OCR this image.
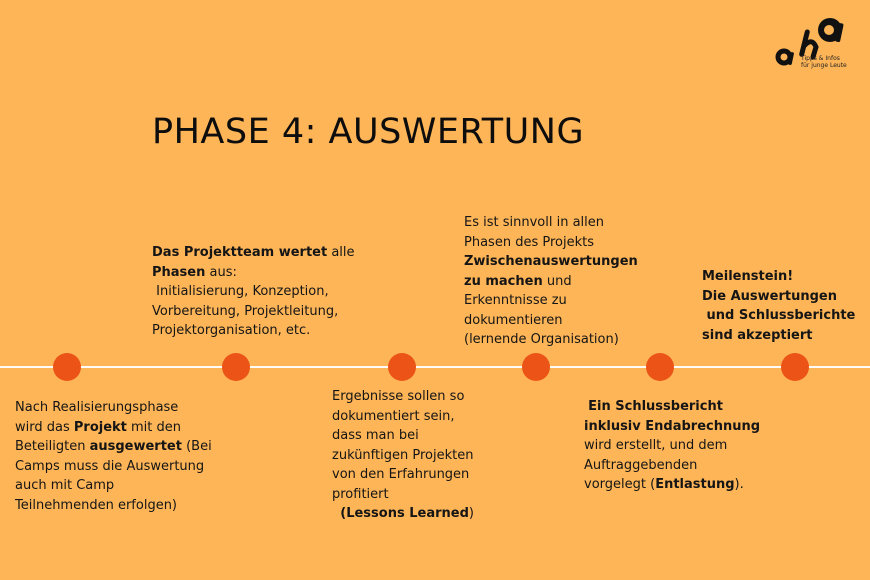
Tipps & Infos
für junge Leute
PHASE 4: AUSWERTUNG
Nach Realisierungsphase
wird das Projekt mit den
Beteiligten ausgewertet (Bei
Camps muss die Auswertung
auch mit Camp
Teilnehmenden erfolgen)
Das Projektteam wertet alle
Phasen aus:
Initialisierung, Konzeption,
Vorbereitung, Projektleitung,
Projektorganisation, etc.
Ergebnisse sollen so
dokumentiert sein,
dass man bei
zukünftigen Projekten
von den Erfahrungen
profitiert
(Lessons Learned)
Es ist sinnvoll in allen
Phasen des Projekts
Zwischenauswertungen
zu machen und
Erkenntnisse zu
dokumentieren
(lernende Organisation)
Ein Schlussbericht
inklusiv Endabrechnung
wird erstellt, und dem
Auftraggebenden
vorgelegt (Entlastung).
Meilenstein!
Die Auswertungen
und Schlussberichte
sind akzeptiert
